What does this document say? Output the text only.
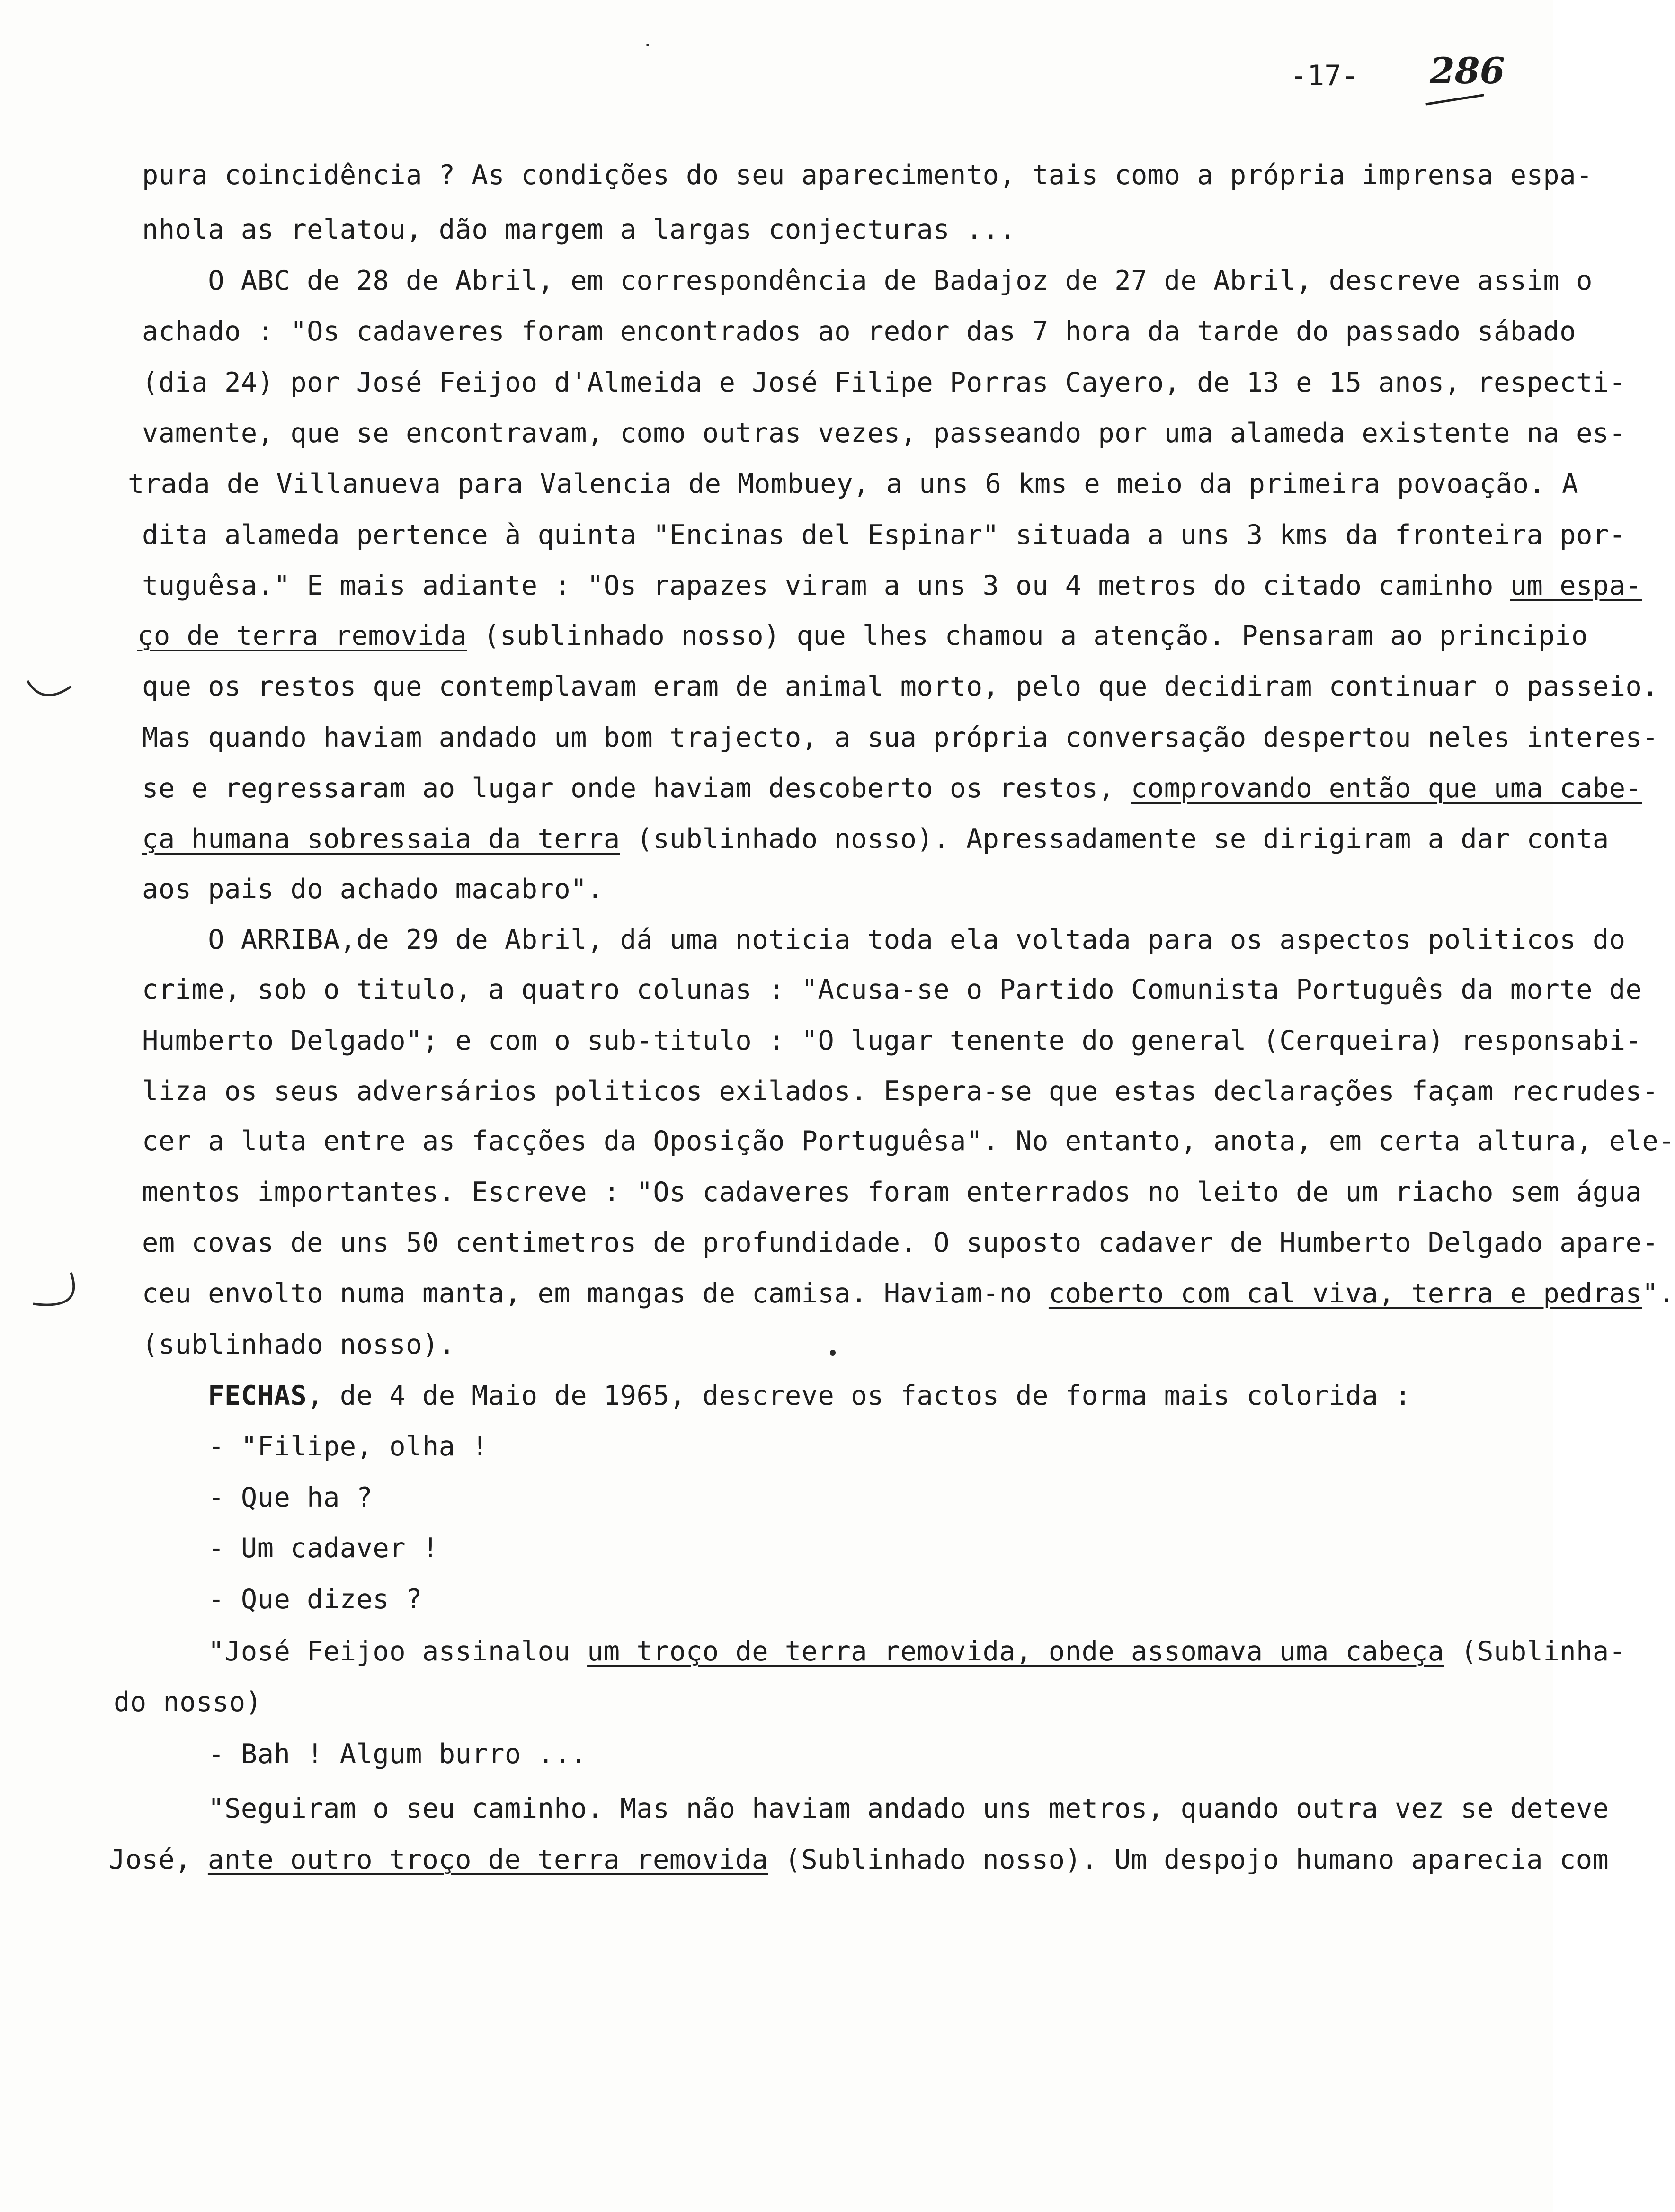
-17- 286
pura coincidência ? As condições do seu aparecimento, tais como a própria imprensa espa-
nhola as relatou, dão margem a largas conjecturas ...
O ABC de 28 de Abril, em correspondência de Badajoz de 27 de Abril, descreve assim o
achado : "Os cadaveres foram encontrados ao redor das 7 hora da tarde do passado sábado
(dia 24) por José Feijoo d'Almeida e José Filipe Porras Cayero, de 13 e 15 anos, respecti-
vamente, que se encontravam, como outras vezes, passeando por uma alameda existente na es-
trada de Villanueva para Valencia de Mombuey, a uns 6 kms e meio da primeira povoação. A
dita alameda pertence à quinta "Encinas del Espinar" situada a uns 3 kms da fronteira por-
tuguêsa." E mais adiante : "Os rapazes viram a uns 3 ou 4 metros do citado caminho um espa-
ço de terra removida (sublinhado nosso) que lhes chamou a atenção. Pensaram ao principio
que os restos que contemplavam eram de animal morto, pelo que decidiram continuar o passeio.
Mas quando haviam andado um bom trajecto, a sua própria conversação despertou neles interes-
se e regressaram ao lugar onde haviam descoberto os restos, comprovando então que uma cabe-
ça humana sobressaia da terra (sublinhado nosso). Apressadamente se dirigiram a dar conta
aos pais do achado macabro".
O ARRIBA,de 29 de Abril, dá uma noticia toda ela voltada para os aspectos politicos do
crime, sob o titulo, a quatro colunas : "Acusa-se o Partido Comunista Português da morte de
Humberto Delgado"; e com o sub-titulo : "O lugar tenente do general (Cerqueira) responsabi-
liza os seus adversários politicos exilados. Espera-se que estas declarações façam recrudes-
cer a luta entre as facções da Oposição Portuguêsa". No entanto, anota, em certa altura, ele-
mentos importantes. Escreve : "Os cadaveres foram enterrados no leito de um riacho sem água
em covas de uns 50 centimetros de profundidade. O suposto cadaver de Humberto Delgado apare-
ceu envolto numa manta, em mangas de camisa. Haviam-no coberto com cal viva, terra e pedras".
(sublinhado nosso).
FECHAS, de 4 de Maio de 1965, descreve os factos de forma mais colorida :
- "Filipe, olha !
- Que ha ?
- Um cadaver !
- Que dizes ?
"José Feijoo assinalou um troço de terra removida, onde assomava uma cabeça (Sublinha-
do nosso)
- Bah ! Algum burro ...
"Seguiram o seu caminho. Mas não haviam andado uns metros, quando outra vez se deteve
José, ante outro troço de terra removida (Sublinhado nosso). Um despojo humano aparecia com
